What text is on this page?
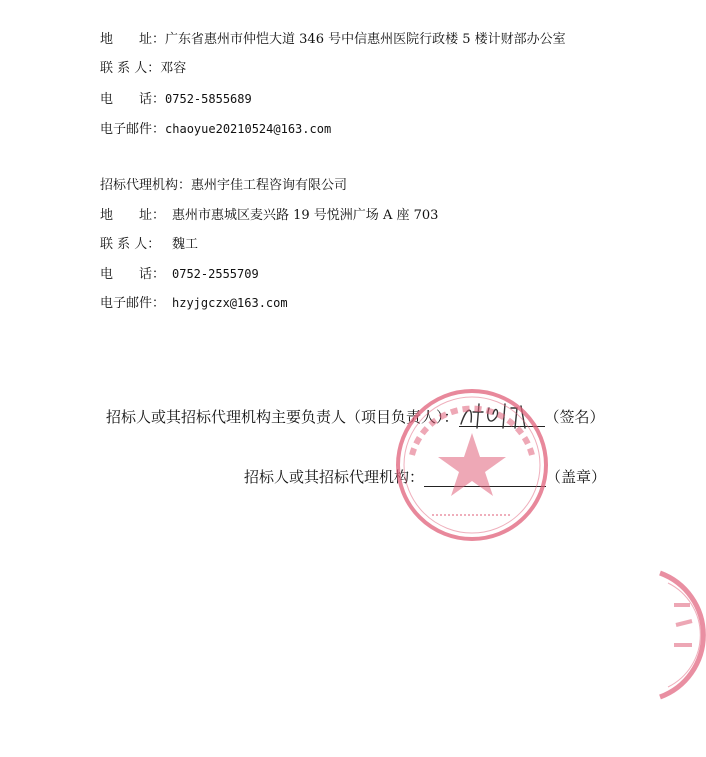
地　　址：广东省惠州市仲恺大道 346 号中信惠州医院行政楼 5 楼计财部办公室
联 系 人：邓容
电　　话：0752-5855689
电子邮件：chaoyue20210524@163.com
招标代理机构：惠州宇佳工程咨询有限公司
地　　址： 惠州市惠城区麦兴路 19 号悦洲广场 A 座 703
联 系 人： 魏工
电　　话： 0752-2555709
电子邮件： hzyjgczx@163.com
招标人或其招标代理机构主要负责人（项目负责人）：	（签名）
招标人或其招标代理机构：	（盖章）
